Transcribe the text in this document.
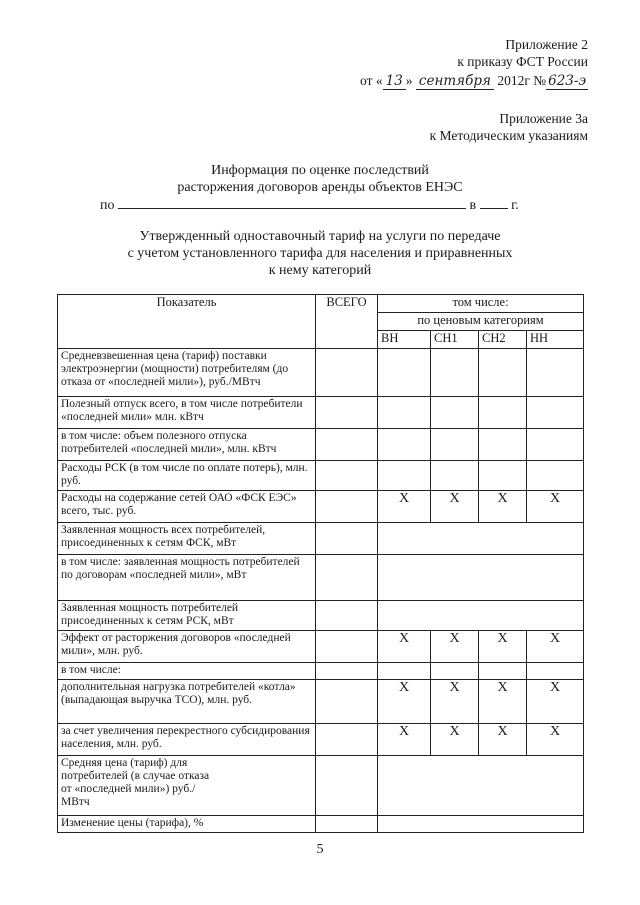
Приложение 2
к приказу ФСТ России
от « 13 » сентября 2012г № 623-э
Приложение 3а
к Методическим указаниям
Информация по оценке последствий
расторжения договоров аренды объектов ЕНЭС
по	в	г.
Утвержденный одноставочный тариф на услуги по передаче
с учетом установленного тарифа для населения и приравненных
к нему категорий
Показатель	ВСЕГО	том числе:			
		по ценовым категориям			
		ВН	СН1	СН2	НН
Средневзвешенная цена (тариф) поставки электроэнергии (мощности) потребителям (до отказа от «последней мили»), руб./МВтч					
Полезный отпуск всего, в том числе потребители «последней мили» млн. кВтч					
в том числе: объем полезного отпуска потребителей «последней мили», млн. кВтч					
Расходы РСК (в том числе по оплате потерь), млн. руб.					
Расходы на содержание сетей ОАО «ФСК ЕЭС» всего, тыс. руб.		Х	Х	Х	Х
Заявленная мощность всех потребителей, присоединенных к сетям ФСК, мВт					
в том числе: заявленная мощность потребителей по договорам «последней мили», мВт					
Заявленная мощность потребителей присоединенных к сетям РСК, мВт					
Эффект от расторжения договоров «последней мили», млн. руб.		Х	Х	Х	Х
в том числе:					
дополнительная нагрузка потребителей «котла» (выпадающая выручка ТСО), млн. руб.		Х	Х	Х	Х
за счет увеличения перекрестного субсидирования населения, млн. руб.		Х	Х	Х	Х
Средняя цена (тариф) для потребителей (в случае отказа от «последней мили») руб./МВтч					
Изменение цены (тарифа), %					
5
